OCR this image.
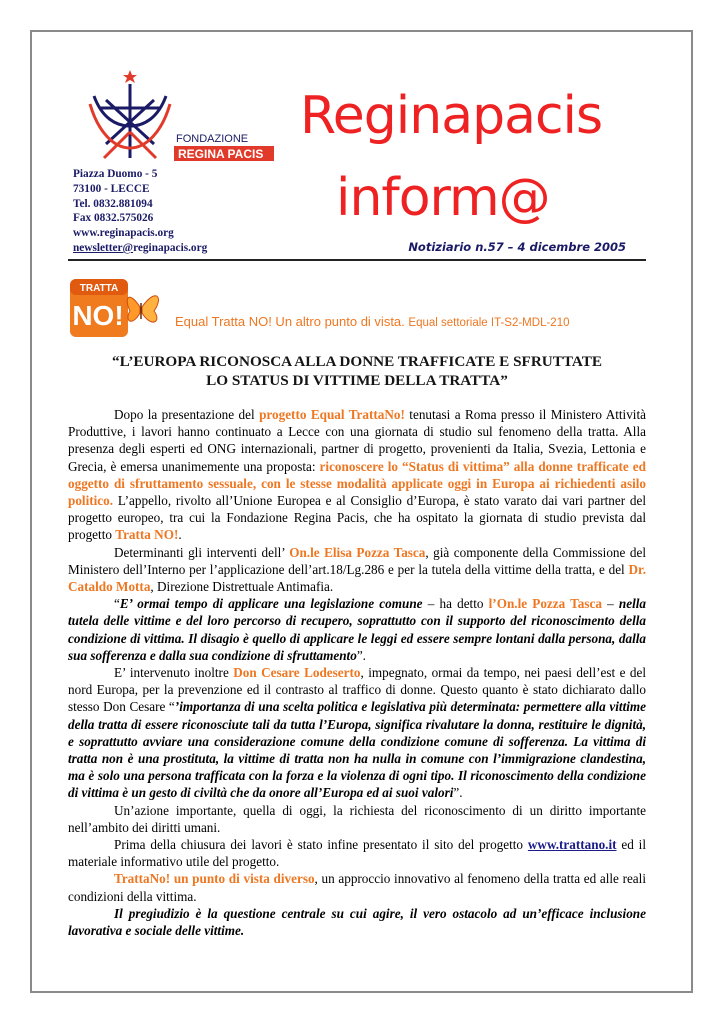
FONDAZIONE
REGINA PACIS
Piazza Duomo - 5
73100 - LECCE
Tel. 0832.881094
Fax 0832.575026
www.reginapacis.org
newsletter@reginapacis.org
Reginapacis
inform@
Notiziario n.57 – 4 dicembre 2005
TRATTA
NO!	Equal Tratta NO! Un altro punto di vista. Equal settoriale IT-S2-MDL-210
“L’EUROPA RICONOSCA ALLA DONNE TRAFFICATE E SFRUTTATE
LO STATUS DI VITTIME DELLA TRATTA”

Dopo la presentazione del progetto Equal TrattaNo! tenutasi a Roma presso il Ministero Attività Produttive, i lavori hanno continuato a Lecce con una giornata di studio sul fenomeno della tratta. Alla presenza degli esperti ed ONG internazionali, partner di progetto, provenienti da Italia, Svezia, Lettonia e Grecia, è emersa unanimemente una proposta: riconoscere lo “Status di vittima” alla donne trafficate ed oggetto di sfruttamento sessuale, con le stesse modalità applicate oggi in Europa ai richiedenti asilo politico. L’appello, rivolto all’Unione Europea e al Consiglio d’Europa, è stato varato dai vari partner del progetto europeo, tra cui la Fondazione Regina Pacis, che ha ospitato la giornata di studio prevista dal progetto Tratta NO!.

Determinanti gli interventi dell’ On.le Elisa Pozza Tasca, già componente della Commissione del Ministero dell’Interno per l’applicazione dell’art.18/Lg.286 e per la tutela della vittime della tratta, e del Dr. Cataldo Motta, Direzione Distrettuale Antimafia.

“E’ ormai tempo di applicare una legislazione comune – ha detto l’On.le Pozza Tasca – nella tutela delle vittime e del loro percorso di recupero, soprattutto con il supporto del riconoscimento della condizione di vittima. Il disagio è quello di applicare le leggi ed essere sempre lontani dalla persona, dalla sua sofferenza e dalla sua condizione di sfruttamento”.

E’ intervenuto inoltre Don Cesare Lodeserto, impegnato, ormai da tempo, nei paesi dell’est e del nord Europa, per la prevenzione ed il contrasto al traffico di donne. Questo quanto è stato dichiarato dallo stesso Don Cesare “’importanza di una scelta politica e legislativa più determinata: permettere alla vittime della tratta di essere riconosciute tali da tutta l’Europa, significa rivalutare la donna, restituire le dignità, e soprattutto avviare una considerazione comune della condizione comune di sofferenza. La vittima di tratta non è una prostituta, la vittime di tratta non ha nulla in comune con l’immigrazione clandestina, ma è solo una persona trafficata con la forza e la violenza di ogni tipo. Il riconoscimento della condizione di vittima è un gesto di civiltà che da onore all’Europa ed ai suoi valori”.

Un’azione importante, quella di oggi, la richiesta del riconoscimento di un diritto importante nell’ambito dei diritti umani.

Prima della chiusura dei lavori è stato infine presentato il sito del progetto www.trattano.it ed il materiale informativo utile del progetto.

TrattaNo! un punto di vista diverso, un approccio innovativo al fenomeno della tratta ed alle reali condizioni della vittima.

Il pregiudizio è la questione centrale su cui agire, il vero ostacolo ad un’efficace inclusione lavorativa e sociale delle vittime.
